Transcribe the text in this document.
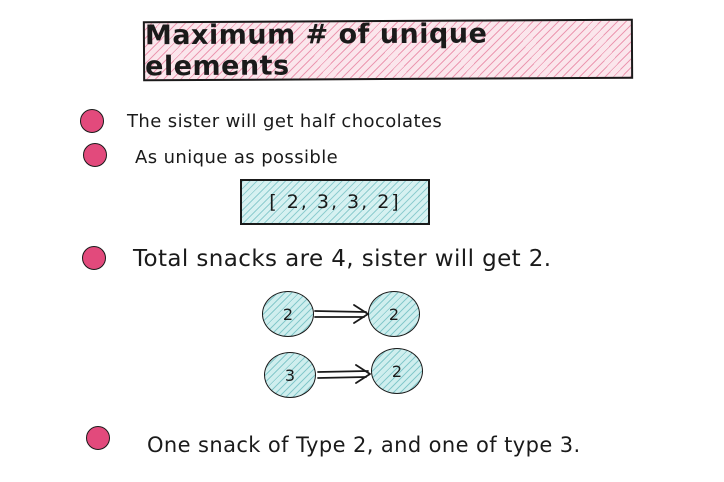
Maximum # of unique elements
The sister will get half chocolates
As unique as possible
[ 2, 3, 3, 2]
Total snacks are 4, sister will get 2.
2	2
3	2
One snack of Type 2, and one of type 3.
